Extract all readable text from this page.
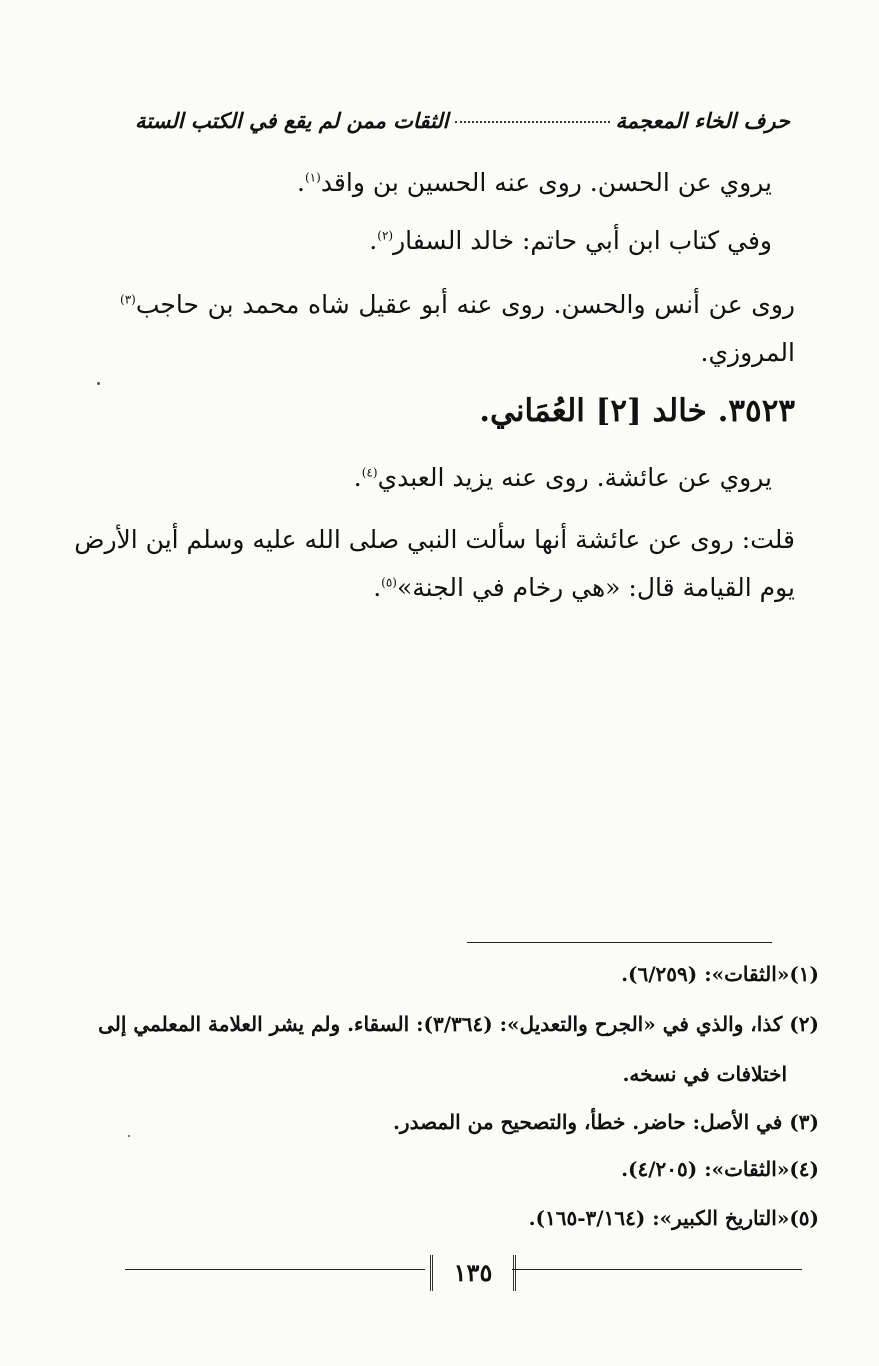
حرف الخاء المعجمة
الثقات ممن لم يقع في الكتب الستة
يروي عن الحسن. روى عنه الحسين بن واقد$^{(١)}$.
وفي كتاب ابن أبي حاتم: خالد السفار$^{(٢)}$.
روى عن أنس والحسن. روى عنه أبو عقيل شاه محمد بن حاجب$^{(٣)}$
المروزي.
٣٥٢٣. خالد [٢] العُمَاني.
يروي عن عائشة. روى عنه يزيد العبدي$^{(٤)}$.
قلت: روى عن عائشة أنها سألت النبي صلى الله عليه وسلم أين الأرض
يوم القيامة قال: «هي رخام في الجنة»$^{(٥)}$.
(١)«الثقات»: (٦/٢٥٩).
(٢) كذا، والذي في «الجرح والتعديل»: (٣/٣٦٤): السقاء. ولم يشر العلامة المعلمي إلى
اختلافات في نسخه.
(٣) في الأصل: حاضر. خطأ، والتصحيح من المصدر.
(٤)«الثقات»: (٤/٢٠٥).
(٥)«التاريخ الكبير»: (٣/١٦٤-١٦٥).
١٣٥
